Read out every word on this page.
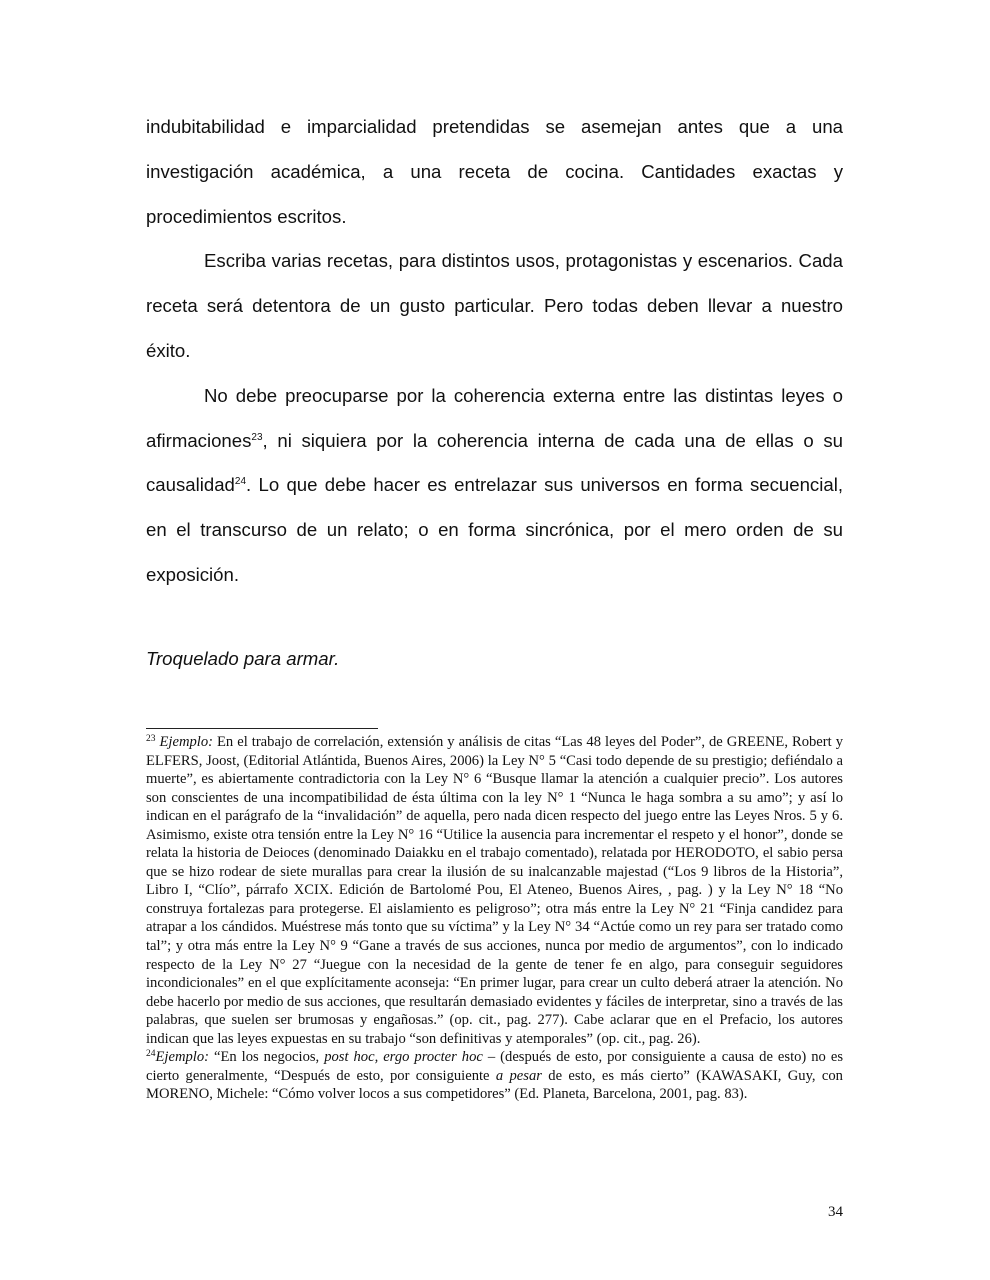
indubitabilidad e imparcialidad pretendidas se asemejan antes que a una investigación académica, a una receta de cocina. Cantidades exactas y procedimientos escritos.

Escriba varias recetas, para distintos usos, protagonistas y escenarios. Cada receta será detentora de un gusto particular. Pero todas deben llevar a nuestro éxito.

No debe preocuparse por la coherencia externa entre las distintas leyes o afirmaciones$^{23}$, ni siquiera por la coherencia interna de cada una de ellas o su causalidad$^{24}$. Lo que debe hacer es entrelazar sus universos en forma secuencial, en el transcurso de un relato; o en forma sincrónica, por el mero orden de su exposición.

Troquelado para armar.

$^{23}$ Ejemplo: En el trabajo de correlación, extensión y análisis de citas “Las 48 leyes del Poder”, de GREENE, Robert y ELFERS, Joost, (Editorial Atlántida, Buenos Aires, 2006) la Ley N° 5 “Casi todo depende de su prestigio; defiéndalo a muerte”, es abiertamente contradictoria con la Ley N° 6 “Busque llamar la atención a cualquier precio”. Los autores son conscientes de una incompatibilidad de ésta última con la ley N° 1 “Nunca le haga sombra a su amo”; y así lo indican en el parágrafo de la “invalidación” de aquella, pero nada dicen respecto del juego entre las Leyes Nros. 5 y 6. Asimismo, existe otra tensión entre la Ley N° 16 “Utilice la ausencia para incrementar el respeto y el honor”, donde se relata la historia de Deioces (denominado Daiakku en el trabajo comentado), relatada por HERODOTO, el sabio persa que se hizo rodear de siete murallas para crear la ilusión de su inalcanzable majestad (“Los 9 libros de la Historia”, Libro I, “Clío”, párrafo XCIX. Edición de Bartolomé Pou, El Ateneo, Buenos Aires, , pag. ) y la Ley N° 18 “No construya fortalezas para protegerse. El aislamiento es peligroso”; otra más entre la Ley N° 21 “Finja candidez para atrapar a los cándidos. Muéstrese más tonto que su víctima” y la Ley N° 34 “Actúe como un rey para ser tratado como tal”; y otra más entre la Ley N° 9 “Gane a través de sus acciones, nunca por medio de argumentos”, con lo indicado respecto de la Ley N° 27 “Juegue con la necesidad de la gente de tener fe en algo, para conseguir seguidores incondicionales” en el que explícitamente aconseja: “En primer lugar, para crear un culto deberá atraer la atención. No debe hacerlo por medio de sus acciones, que resultarán demasiado evidentes y fáciles de interpretar, sino a través de las palabras, que suelen ser brumosas y engañosas.” (op. cit., pag. 277). Cabe aclarar que en el Prefacio, los autores indican que las leyes expuestas en su trabajo “son definitivas y atemporales” (op. cit., pag. 26).

$^{24}$Ejemplo: “En los negocios, post hoc, ergo procter hoc – (después de esto, por consiguiente a causa de esto) no es cierto generalmente, “Después de esto, por consiguiente a pesar de esto, es más cierto” (KAWASAKI, Guy, con MORENO, Michele: “Cómo volver locos a sus competidores” (Ed. Planeta, Barcelona, 2001, pag. 83).

34
